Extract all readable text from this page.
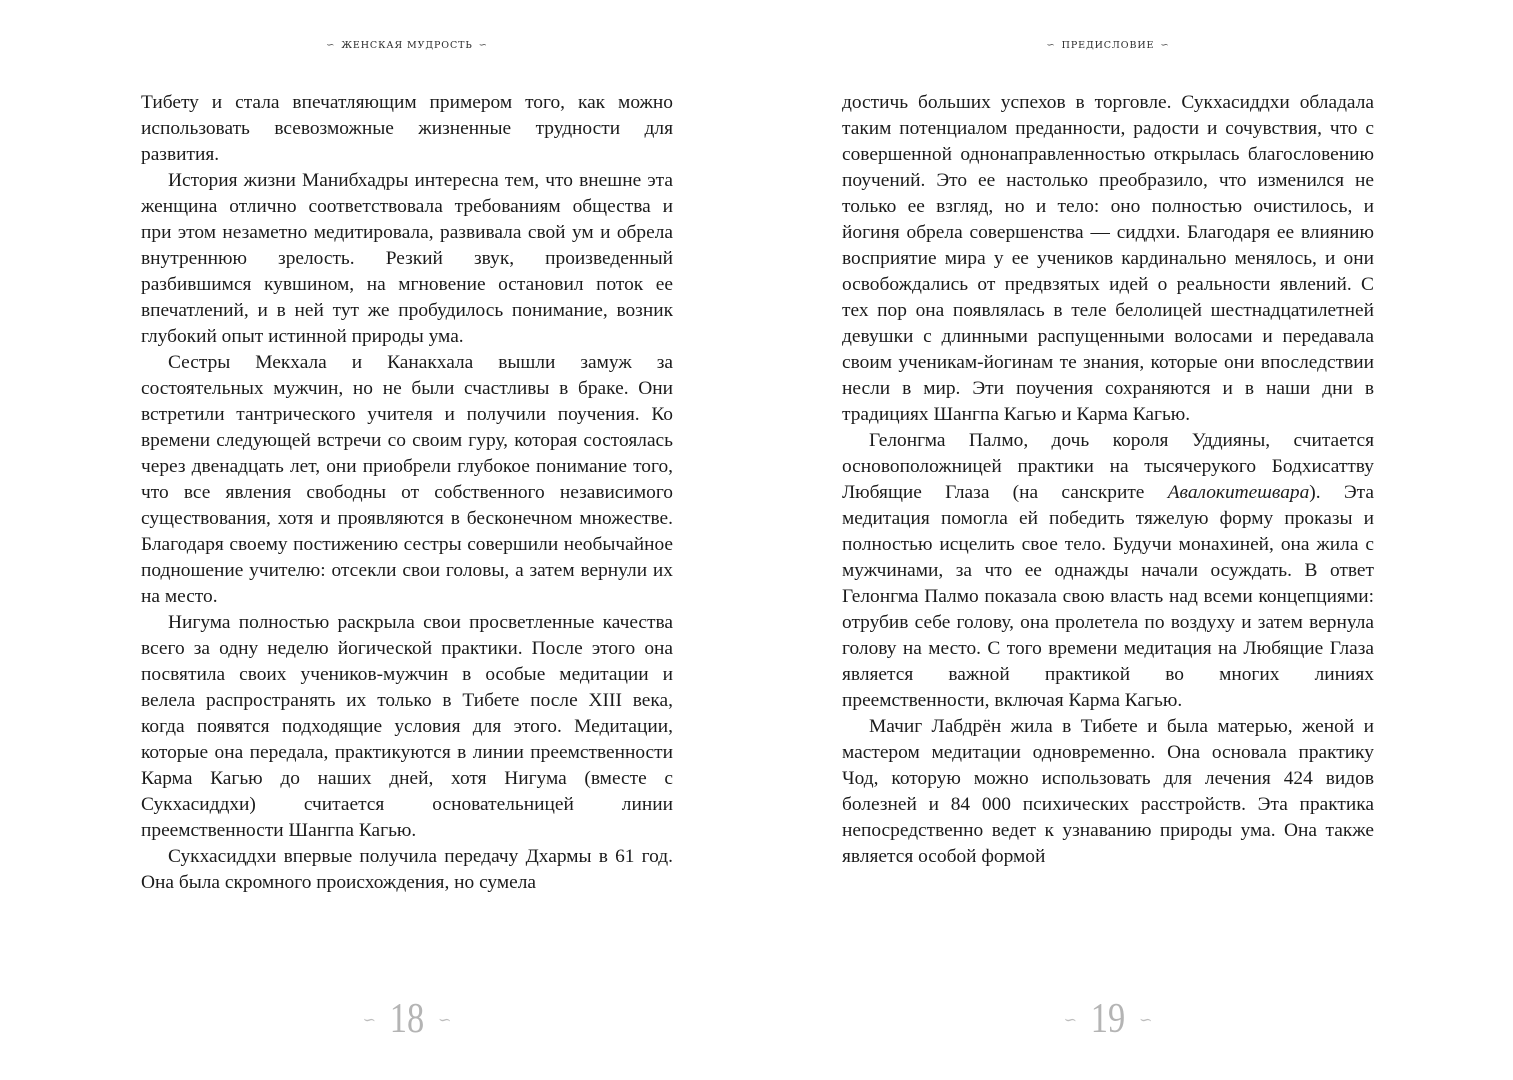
∽ ЖЕНСКАЯ МУДРОСТЬ ∽

Тибету и стала впечатляющим примером того, как можно использовать всевозможные жизненные трудности для развития.

История жизни Манибхадры интересна тем, что внешне эта женщина отлично соответствовала требованиям общества и при этом незаметно медитировала, развивала свой ум и обрела внутреннюю зрелость. Резкий звук, произведенный разбившимся кувшином, на мгновение остановил поток ее впечатлений, и в ней тут же пробудилось понимание, возник глубокий опыт истинной природы ума.

Сестры Мекхала и Канакхала вышли замуж за состоятельных мужчин, но не были счастливы в браке. Они встретили тантрического учителя и получили поучения. Ко времени следующей встречи со своим гуру, которая состоялась через двенадцать лет, они приобрели глубокое понимание того, что все явления свободны от собственного независимого существования, хотя и проявляются в бесконечном множестве. Благодаря своему постижению сестры совершили необычайное подношение учителю: отсекли свои головы, а затем вернули их на место.

Нигума полностью раскрыла свои просветленные качества всего за одну неделю йогической практики. После этого она посвятила своих учеников-мужчин в особые медитации и велела распространять их только в Тибете после XIII века, когда появятся подходящие условия для этого. Медитации, которые она передала, практикуются в линии преемственности Карма Кагью до наших дней, хотя Нигума (вместе с Сукхасиддхи) считается основательницей линии преемственности Шангпа Кагью.

Сукхасиддхи впервые получила передачу Дхармы в 61 год. Она была скромного происхождения, но сумела

∽ 18 ∽
∽ ПРЕДИСЛОВИЕ ∽

достичь больших успехов в торговле. Сукхасиддхи обладала таким потенциалом преданности, радости и сочувствия, что с совершенной однонаправленностью открылась благословению поучений. Это ее настолько преобразило, что изменился не только ее взгляд, но и тело: оно полностью очистилось, и йогиня обрела совершенства — сиддхи. Благодаря ее влиянию восприятие мира у ее учеников кардинально менялось, и они освобождались от предвзятых идей о реальности явлений. С тех пор она появлялась в теле белолицей шестнадцатилетней девушки с длинными распущенными волосами и передавала своим ученикам-йогинам те знания, которые они впоследствии несли в мир. Эти поучения сохраняются и в наши дни в традициях Шангпа Кагью и Карма Кагью.

Гелонгма Палмо, дочь короля Уддияны, считается основоположницей практики на тысячерукого Бодхисаттву Любящие Глаза (на санскрите Авалокитешвара). Эта медитация помогла ей победить тяжелую форму проказы и полностью исцелить свое тело. Будучи монахиней, она жила с мужчинами, за что ее однажды начали осуждать. В ответ Гелонгма Палмо показала свою власть над всеми концепциями: отрубив себе голову, она пролетела по воздуху и затем вернула голову на место. С того времени медитация на Любящие Глаза является важной практикой во многих линиях преемственности, включая Карма Кагью.

Мачиг Лабдрён жила в Тибете и была матерью, женой и мастером медитации одновременно. Она основала практику Чод, которую можно использовать для лечения 424 видов болезней и 84 000 психических расстройств. Эта практика непосредственно ведет к узнаванию природы ума. Она также является особой формой

∽ 19 ∽
